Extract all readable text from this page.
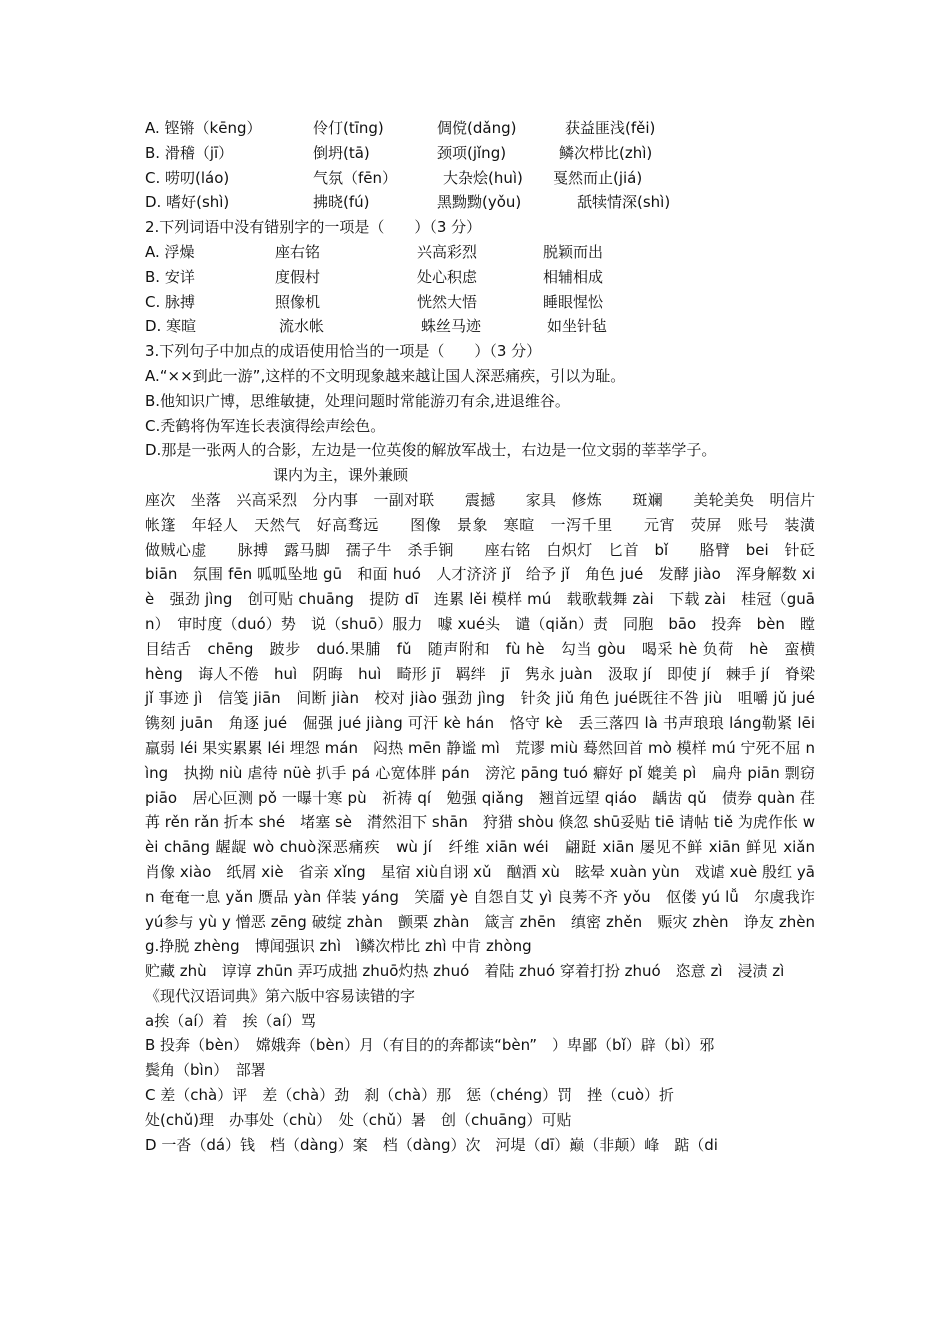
A. 铿锵（kēng）	伶仃(tīng)	倜傥(dǎng)	获益匪浅(fěi)
B. 滑稽（jī）	倒坍(tā)	颈项(jǐng)	鳞次栉比(zhì)
C. 唠叨(láo)	气氛（fēn）	大杂烩(huì) 戛然而止(jiá)
D. 嗜好(shì)	拂晓(fú)	黑黝黝(yǒu)	舐犊情深(shì)
2.下列词语中没有错别字的一项是（　　）（3 分）
A. 浮燥	座右铭	兴高彩烈	脱颖而出
B. 安详	度假村	处心积虑	相辅相成
C. 脉搏	照像机	恍然大悟	睡眼惺忪
D. 寒暄	流水帐	蛛丝马迹	如坐针毡
3.下列句子中加点的成语使用恰当的一项是（　　）（3 分）
A.“××到此一游”,这样的不文明现象越来越让国人深恶痛疾，引以为耻。
B.他知识广博，思维敏捷，处理问题时常能游刃有余,进退维谷。
C.秃鹤将伪军连长表演得绘声绘色。
D.那是一张两人的合影，左边是一位英俊的解放军战士，右边是一位文弱的莘莘学子。
课内为主，课外兼顾
座次　坐落　兴高采烈　分内事　一副对联　　震撼　　家具　修炼　　斑斓　　美轮美奂　明信片　　帐篷　年轻人　天然气　好高骛远　　图像　景象　寒暄　一泻千里　　元宵　荧屏　账号　装潢　做贼心虚　　脉搏　露马脚　孺子牛　杀手锏　　座右铭　白炽灯　匕首　bǐ　　胳臂　bei　针砭　biān　氛围 fēn 呱呱坠地 gū　和面 huó　人才济济 jǐ　给予 jǐ　角色 jué　发酵 jiào　浑身解数 xiè　强劲 jìng　创可贴 chuāng　提防 dī　连累 lěi 模样 mú　载歌载舞 zài　下载 zài　桂冠（guān）　审时度（duó）势　说（shuō）服力　噱 xué头　谴（qiǎn）责　同胞　bāo　投奔　bèn　瞠目结舌　chēng　跛步　duó.果脯　fǔ　随声附和　fù hè　勾当 gòu　喝采 hè 负荷　hè　蛮横　hèng　诲人不倦　huì　阴晦　huì　畸形 jī　羁绊　jī　隽永 juàn　汲取 jí　即使 jí　棘手 jí　脊梁 jǐ 事迹 jì　信笺 jiān　间断 jiàn　校对 jiào 强劲 jìng　针灸 jiǔ 角色 jué既往不咎 jiù　咀嚼 jǔ jué　镌刻 juān　角逐 jué　倔强 jué jiàng 可汗 kè hán　恪守 kè　丢三落四 là 书声琅琅 láng勒紧 lēi羸弱 léi 果实累累 léi 埋怨 mán　闷热 mēn 静谧 mì　荒谬 miù 蓦然回首 mò 模样 mú 宁死不屈 nìng　执拗 niù 虐待 nüè 扒手 pá 心宽体胖 pán　滂沱 pāng tuó 癖好 pǐ 媲美 pì　扁舟 piān 剽窃 piāo　居心叵测 pǒ 一曝十寒 pù　祈祷 qí　勉强 qiǎng　翘首远望 qiáo　龋齿 qǔ　债券 quàn 荏苒 rěn rǎn 折本 shé　堵塞 sè　潸然泪下 shān　狩猎 shòu 倏忽 shū妥贴 tiē 请帖 tiě 为虎作伥 wèi chāng 龌龊 wò chuò深恶痛疾　wù jí　纤维 xiān wéi　翩跹 xiān 屡见不鲜 xiān 鲜见 xiǎn　肖像 xiào　纸屑 xiè　省亲 xǐng　星宿 xiù自诩 xǔ　酗酒 xù　眩晕 xuàn yùn　戏谑 xuè 殷红 yān 奄奄一息 yǎn 赝品 yàn 佯装 yáng　笑靥 yè 自怨自艾 yì 良莠不齐 yǒu　伛偻 yú lǚ　尔虞我诈 yú参与 yù y 憎恶 zēng 破绽 zhàn　颤栗 zhàn　箴言 zhēn　缜密 zhěn　赈灾 zhèn　诤友 zhèng.挣脱 zhèng　博闻强识 zhì　ì鳞次栉比 zhì 中肯 zhòng
贮藏 zhù　谆谆 zhūn 弄巧成拙 zhuō灼热 zhuó　着陆 zhuó 穿着打扮 zhuó　恣意 zì　浸渍 zì
《现代汉语词典》第六版中容易读错的字
a挨（aí）着　挨（aí）骂
B 投奔（bèn）　嫦娥奔（bèn）月（有目的的奔都读“bèn”　）卑鄙（bǐ）辟（bì）邪
鬓角（bìn）　部署
C 差（chà）评　差（chà）劲　刹（chà）那　惩（chéng）罚　挫（cuò）折
处(chǔ)理　办事处（chù）　处（chǔ）暑　创（chuāng）可贴
D 一沓（dá）钱　档（dàng）案　档（dàng）次　河堤（dī）巅（非颠）峰　踮（di
